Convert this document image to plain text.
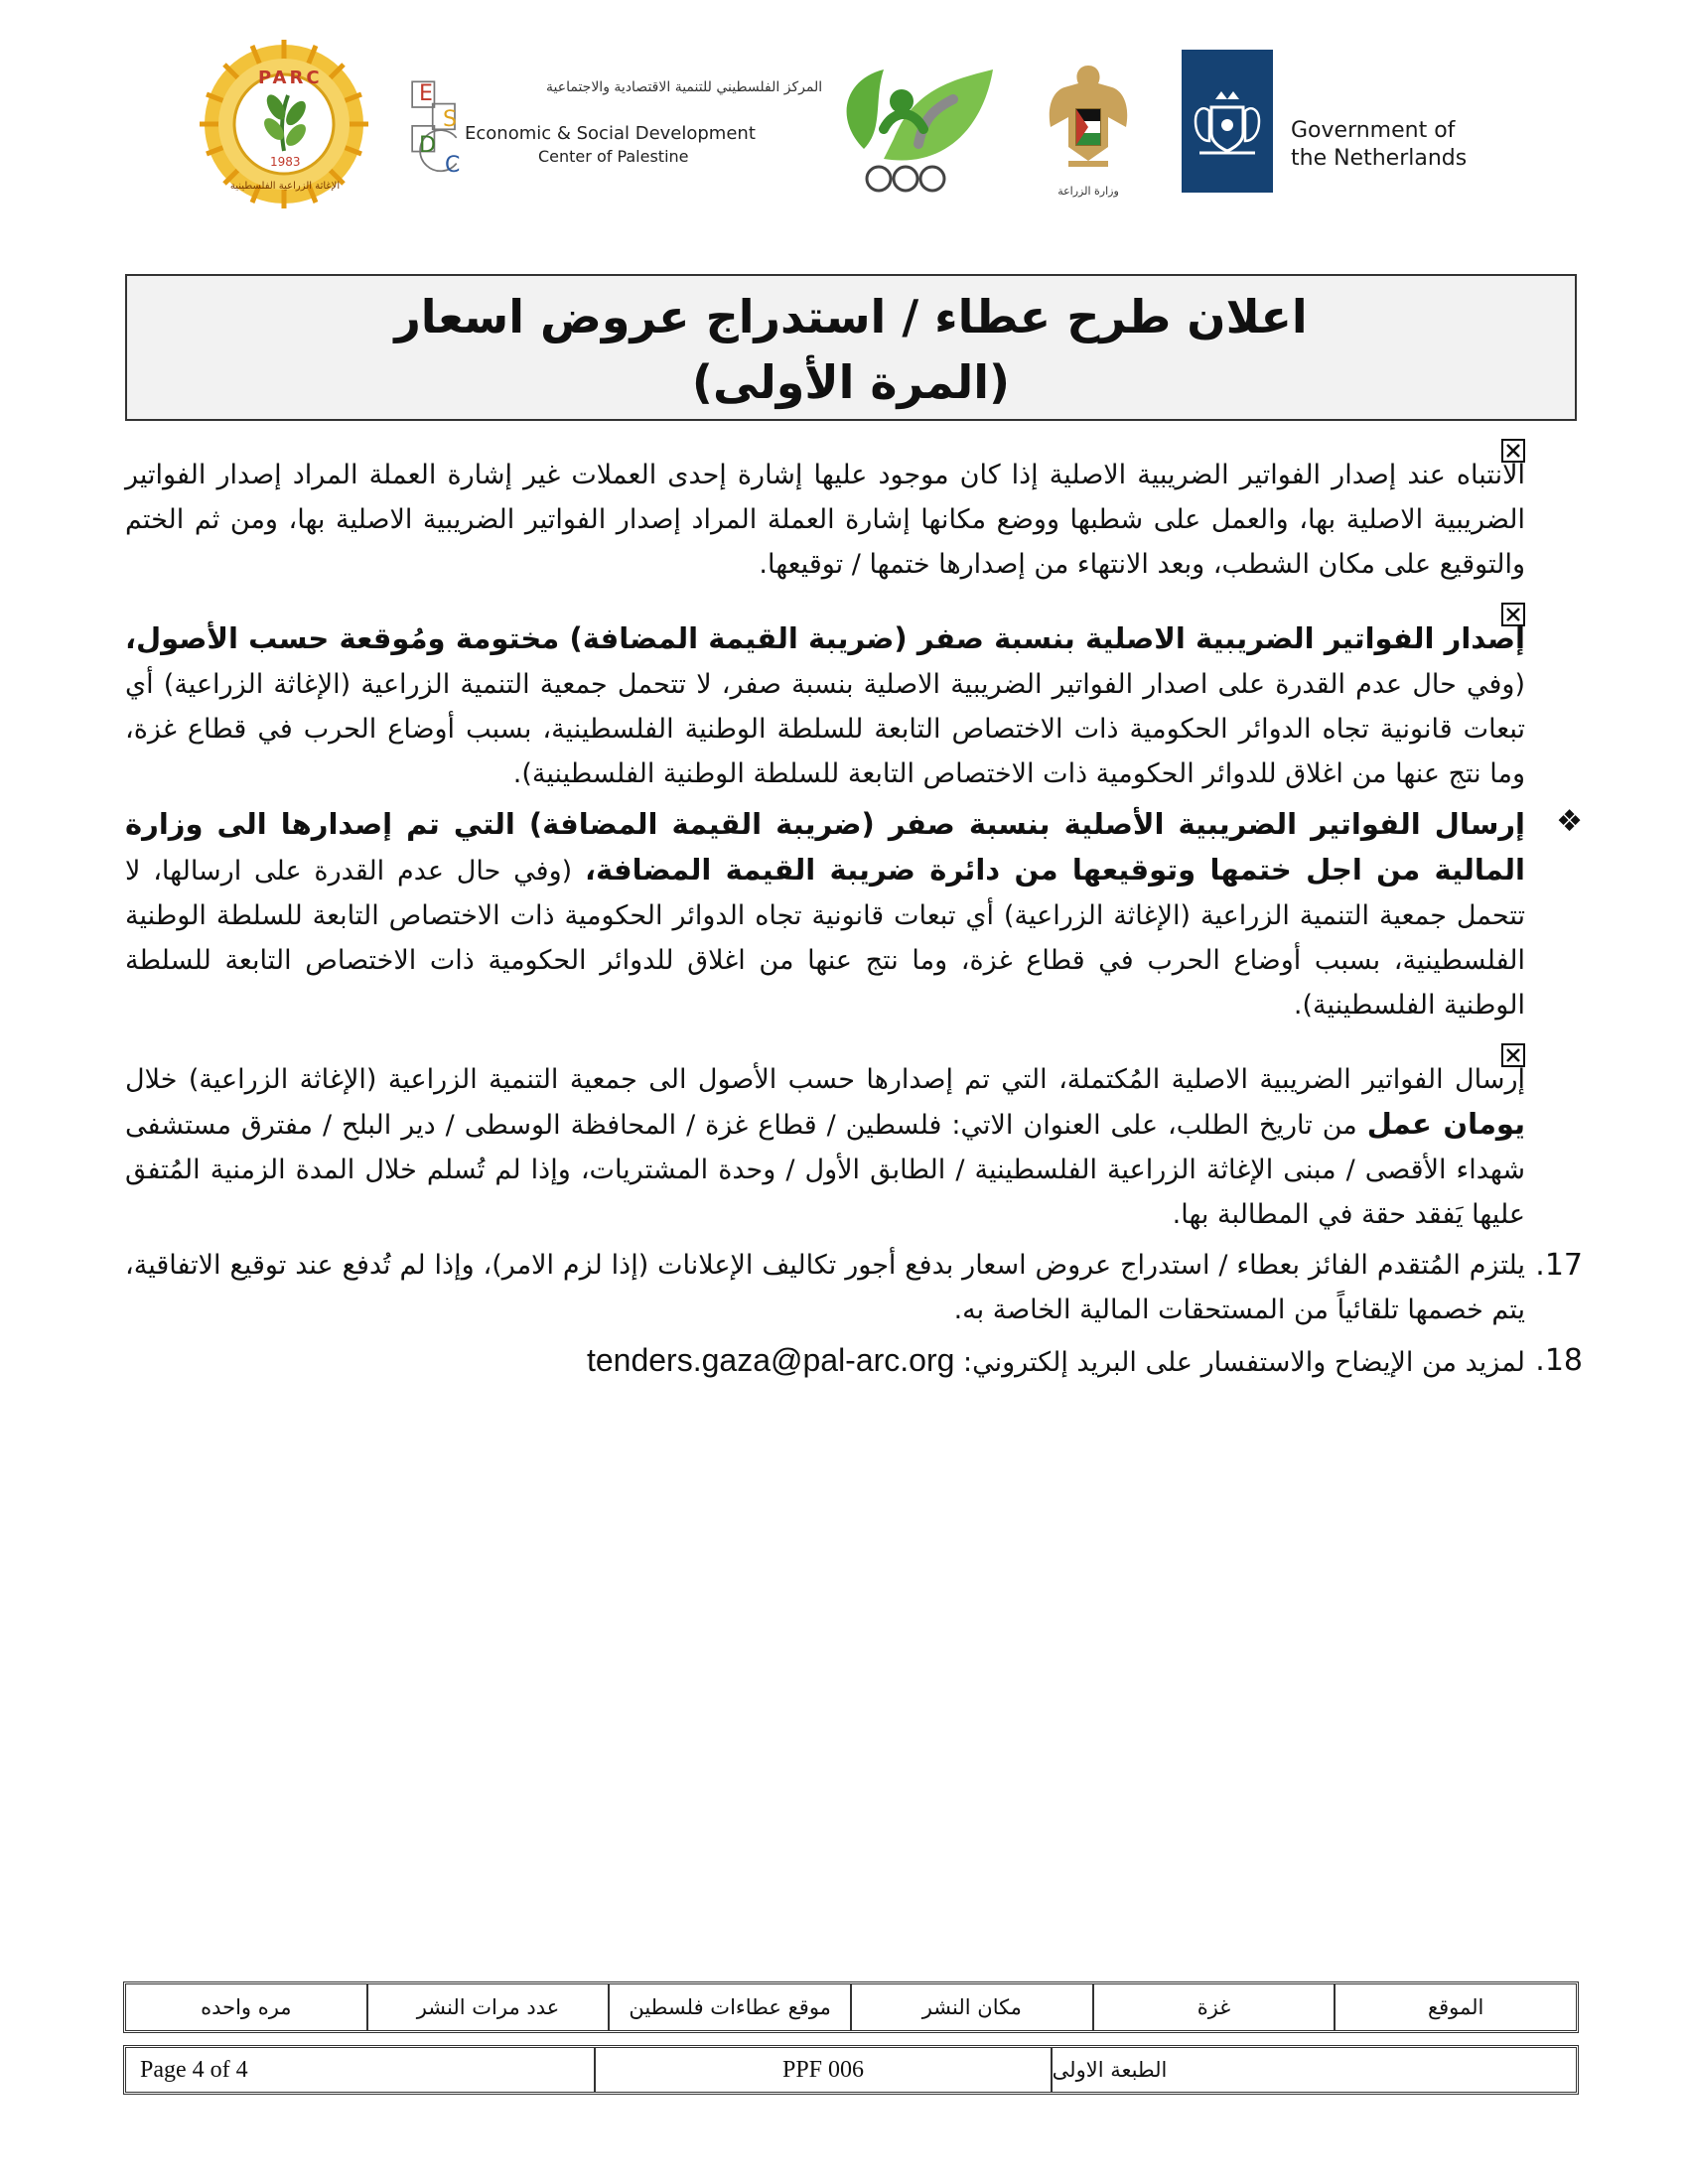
PARC
1983
الإغاثة الزراعية الفلسطينية
E
S
D
C
المركز الفلسطيني للتنمية الاقتصادية والاجتماعية
Economic & Social Development
Center of Palestine
وزارة الزراعة
Government of
the Netherlands
اعلان طرح عطاء / استدراج عروض اسعار
(المرة الأولى)
الانتباه عند إصدار الفواتير الضريبية الاصلية إذا كان موجود عليها إشارة إحدى العملات غير إشارة العملة المراد إصدار الفواتير الضريبية الاصلية بها، والعمل على شطبها ووضع مكانها إشارة العملة المراد إصدار الفواتير الضريبية الاصلية بها، ومن ثم الختم والتوقيع على مكان الشطب، وبعد الانتهاء من إصدارها ختمها / توقيعها.
إصدار الفواتير الضريبية الاصلية بنسبة صفر (ضريبة القيمة المضافة) مختومة ومُوقعة حسب الأصول، (وفي حال عدم القدرة على اصدار الفواتير الضريبية الاصلية بنسبة صفر، لا تتحمل جمعية التنمية الزراعية (الإغاثة الزراعية) أي تبعات قانونية تجاه الدوائر الحكومية ذات الاختصاص التابعة للسلطة الوطنية الفلسطينية، بسبب أوضاع الحرب في قطاع غزة، وما نتج عنها من اغلاق للدوائر الحكومية ذات الاختصاص التابعة للسلطة الوطنية الفلسطينية).
❖
إرسال الفواتير الضريبية الأصلية بنسبة صفر (ضريبة القيمة المضافة) التي تم إصدارها الى وزارة المالية من اجل ختمها وتوقيعها من دائرة ضريبة القيمة المضافة، (وفي حال عدم القدرة على ارسالها، لا تتحمل جمعية التنمية الزراعية (الإغاثة الزراعية) أي تبعات قانونية تجاه الدوائر الحكومية ذات الاختصاص التابعة للسلطة الوطنية الفلسطينية، بسبب أوضاع الحرب في قطاع غزة، وما نتج عنها من اغلاق للدوائر الحكومية ذات الاختصاص التابعة للسلطة الوطنية الفلسطينية).
إرسال الفواتير الضريبية الاصلية المُكتملة، التي تم إصدارها حسب الأصول الى جمعية التنمية الزراعية (الإغاثة الزراعية) خلال يومان عمل من تاريخ الطلب، على العنوان الاتي: فلسطين / قطاع غزة / المحافظة الوسطى / دير البلح / مفترق مستشفى شهداء الأقصى / مبنى الإغاثة الزراعية الفلسطينية / الطابق الأول / وحدة المشتريات، وإذا لم تُسلم خلال المدة الزمنية المُتفق عليها يَفقد حقة في المطالبة بها.
.17
يلتزم المُتقدم الفائز بعطاء / استدراج عروض اسعار بدفع أجور تكاليف الإعلانات (إذا لزم الامر)، وإذا لم تُدفع عند توقيع الاتفاقية، يتم خصمها تلقائياً من المستحقات المالية الخاصة به.
.18
لمزيد من الإيضاح والاستفسار على البريد إلكتروني: tenders.gaza@pal-arc.org
الموقع
غزة
مكان النشر
موقع عطاءات فلسطين
عدد مرات النشر
مره واحده
الطبعة الاولى
PPF 006
Page 4 of 4
